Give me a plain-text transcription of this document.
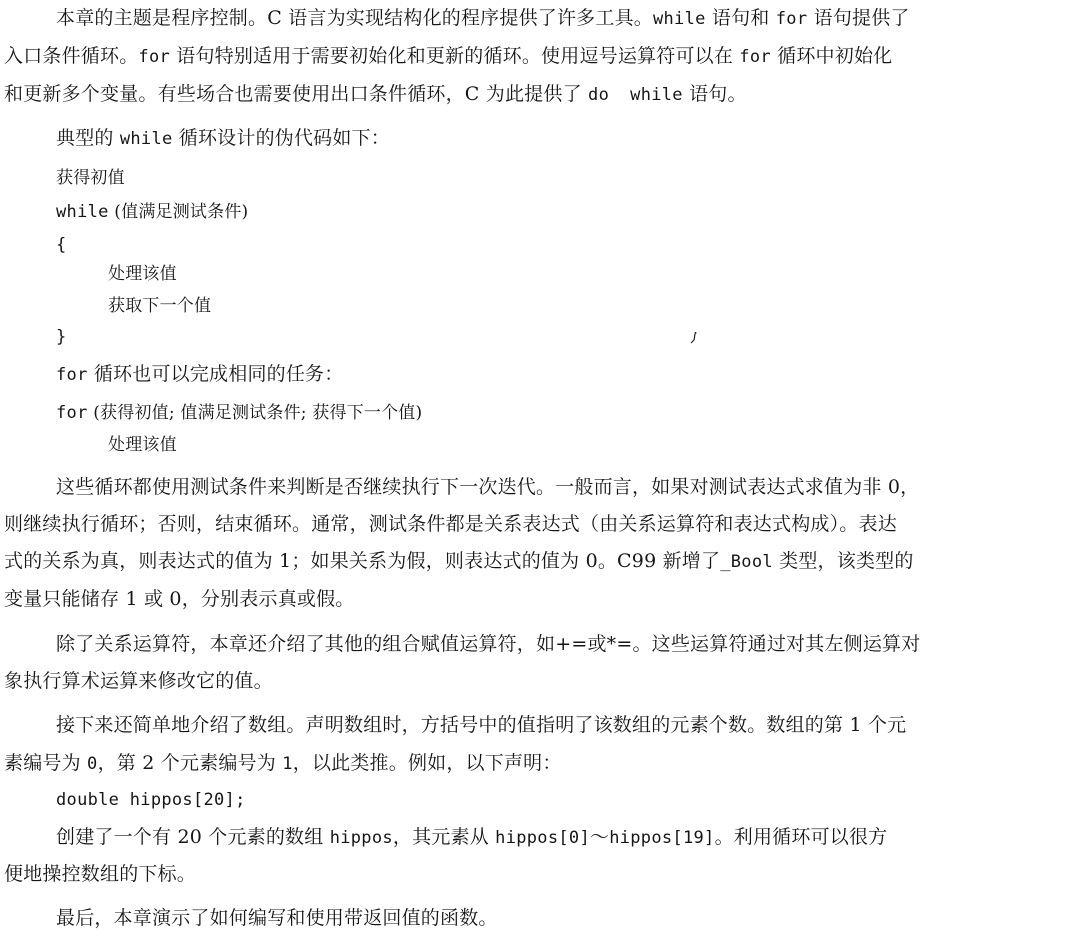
本章的主题是程序控制。C 语言为实现结构化的程序提供了许多工具。while 语句和 for 语句提供了
入口条件循环。for 语句特别适用于需要初始化和更新的循环。使用逗号运算符可以在 for 循环中初始化
和更新多个变量。有些场合也需要使用出口条件循环，C 为此提供了 do  while 语句。
典型的 while 循环设计的伪代码如下：
获得初值
while (值满足测试条件)
{
处理该值
获取下一个值
}
for 循环也可以完成相同的任务：
for (获得初值; 值满足测试条件; 获得下一个值)
处理该值
这些循环都使用测试条件来判断是否继续执行下一次迭代。一般而言，如果对测试表达式求值为非 0，
则继续执行循环；否则，结束循环。通常，测试条件都是关系表达式（由关系运算符和表达式构成）。表达
式的关系为真，则表达式的值为 1；如果关系为假，则表达式的值为 0。C99 新增了_Bool 类型，该类型的
变量只能储存 1 或 0，分别表示真或假。
除了关系运算符，本章还介绍了其他的组合赋值运算符，如+=或*=。这些运算符通过对其左侧运算对
象执行算术运算来修改它的值。
接下来还简单地介绍了数组。声明数组时，方括号中的值指明了该数组的元素个数。数组的第 1 个元
素编号为 0，第 2 个元素编号为 1，以此类推。例如，以下声明：
double hippos[20];
创建了一个有 20 个元素的数组 hippos，其元素从 hippos[0]～hippos[19]。利用循环可以很方
便地操控数组的下标。
最后，本章演示了如何编写和使用带返回值的函数。
